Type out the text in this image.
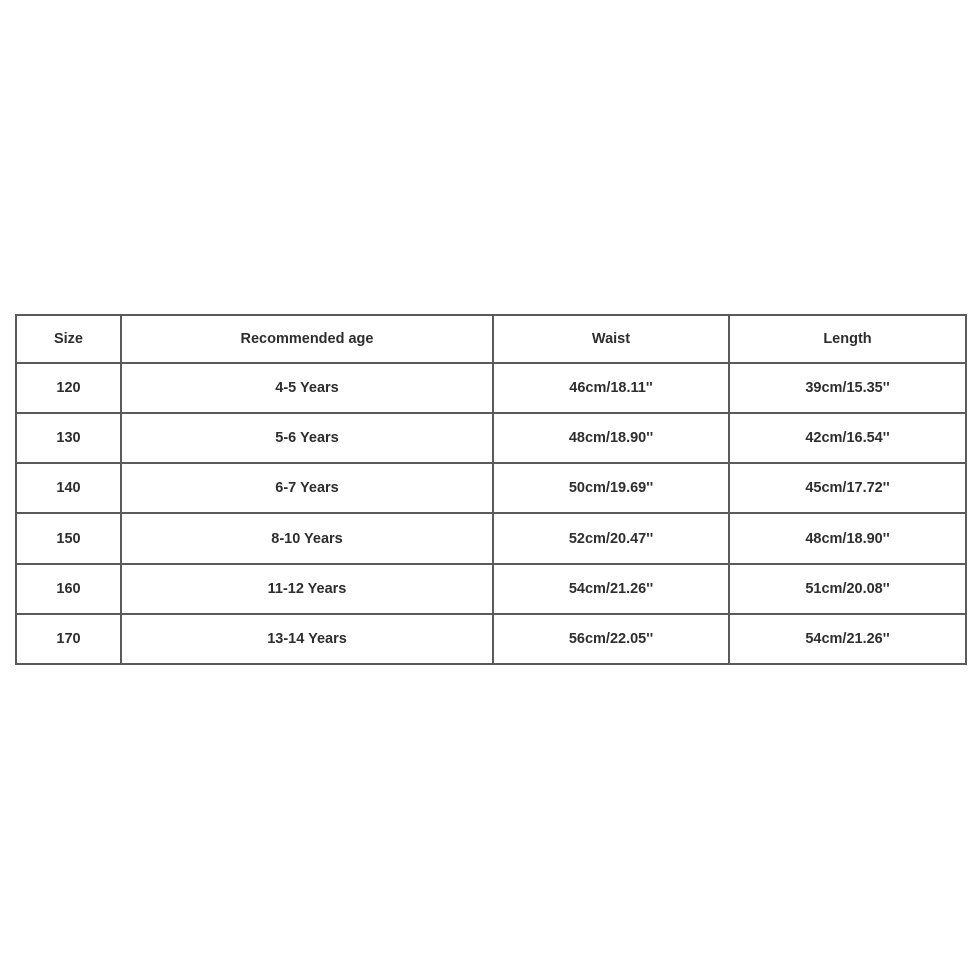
Size	Recommended age	Waist	Length
120	4-5 Years	46cm/18.11''	39cm/15.35''
130	5-6 Years	48cm/18.90''	42cm/16.54''
140	6-7 Years	50cm/19.69''	45cm/17.72''
150	8-10 Years	52cm/20.47''	48cm/18.90''
160	11-12 Years	54cm/21.26''	51cm/20.08''
170	13-14 Years	56cm/22.05''	54cm/21.26''
